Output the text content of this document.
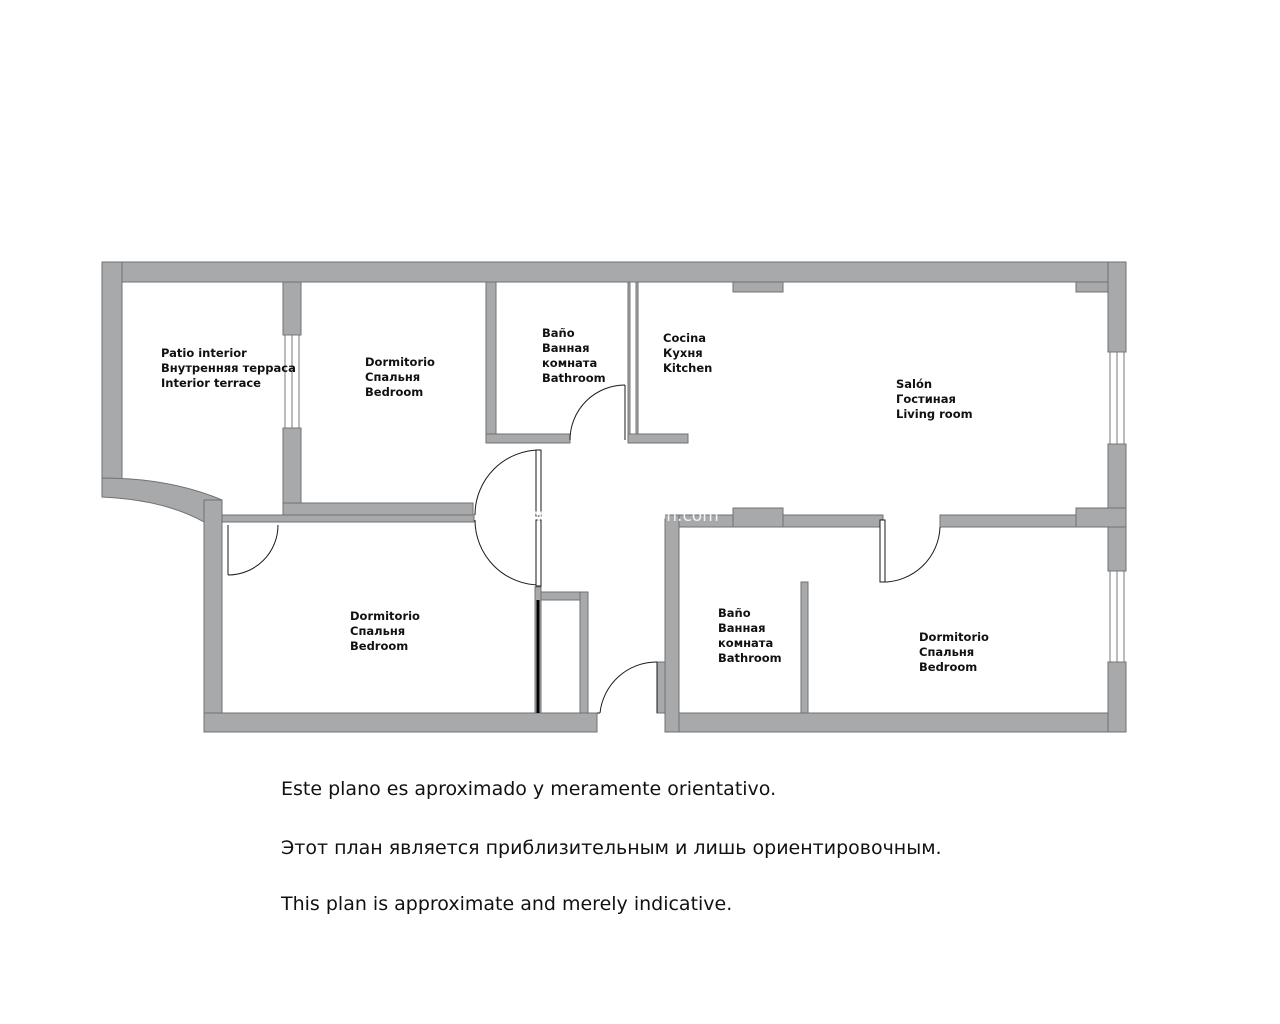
Patio interior
Внутренняя терраса
Interior terrace
Dormitorio
Спальня
Bedroom
Baño
Ванная
комната
Bathroom
Cocina
Кухня
Kitchen
Salón
Гостиная
Living room
Dormitorio
Спальня
Bedroom
Baño
Ванная
комната
Bathroom
Dormitorio
Спальня
Bedroom
www.                son.com

Este plano es aproximado y meramente orientativo.

Этот план является приблизительным и лишь ориентировочным.

This plan is approximate and merely indicative.
